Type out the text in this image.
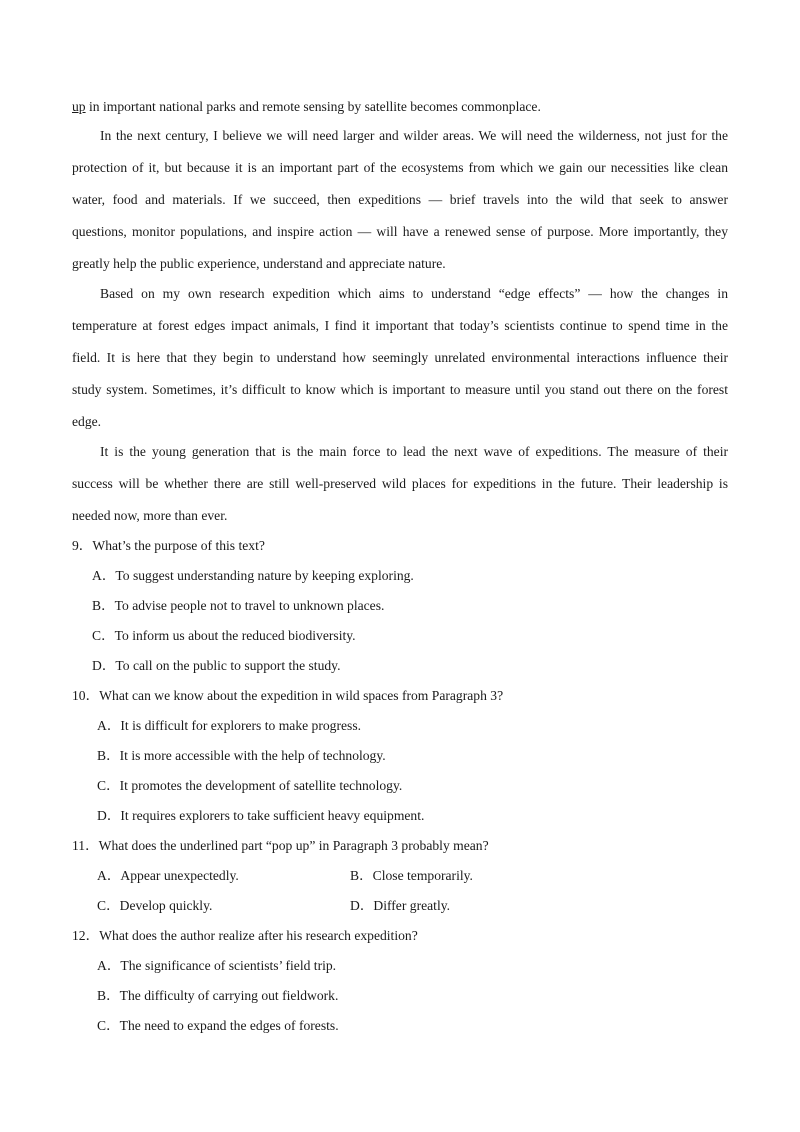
up in important national parks and remote sensing by satellite becomes commonplace.
In the next century, I believe we will need larger and wilder areas. We will need the wilderness, not just for the
protection of it, but because it is an important part of the ecosystems from which we gain our necessities like clean
water, food and materials. If we succeed, then expeditions — brief travels into the wild that seek to answer
questions, monitor populations, and inspire action — will have a renewed sense of purpose. More importantly, they
greatly help the public experience, understand and appreciate nature.
Based on my own research expedition which aims to understand “edge effects” — how the changes in
temperature at forest edges impact animals, I find it important that today’s scientists continue to spend time in the
field. It is here that they begin to understand how seemingly unrelated environmental interactions influence their
study system. Sometimes, it’s difficult to know which is important to measure until you stand out there on the forest
edge.
It is the young generation that is the main force to lead the next wave of expeditions. The measure of their
success will be whether there are still well-preserved wild places for expeditions in the future. Their leadership is
needed now, more than ever.
9．What’s the purpose of this text?
A．To suggest understanding nature by keeping exploring.
B．To advise people not to travel to unknown places.
C．To inform us about the reduced biodiversity.
D．To call on the public to support the study.
10．What can we know about the expedition in wild spaces from Paragraph 3?
A．It is difficult for explorers to make progress.
B．It is more accessible with the help of technology.
C．It promotes the development of satellite technology.
D．It requires explorers to take sufficient heavy equipment.
11．What does the underlined part “pop up” in Paragraph 3 probably mean?
A．Appear unexpectedly.	B．Close temporarily.
C．Develop quickly.	D．Differ greatly.
12．What does the author realize after his research expedition?
A．The significance of scientists’ field trip.
B．The difficulty of carrying out fieldwork.
C．The need to expand the edges of forests.
